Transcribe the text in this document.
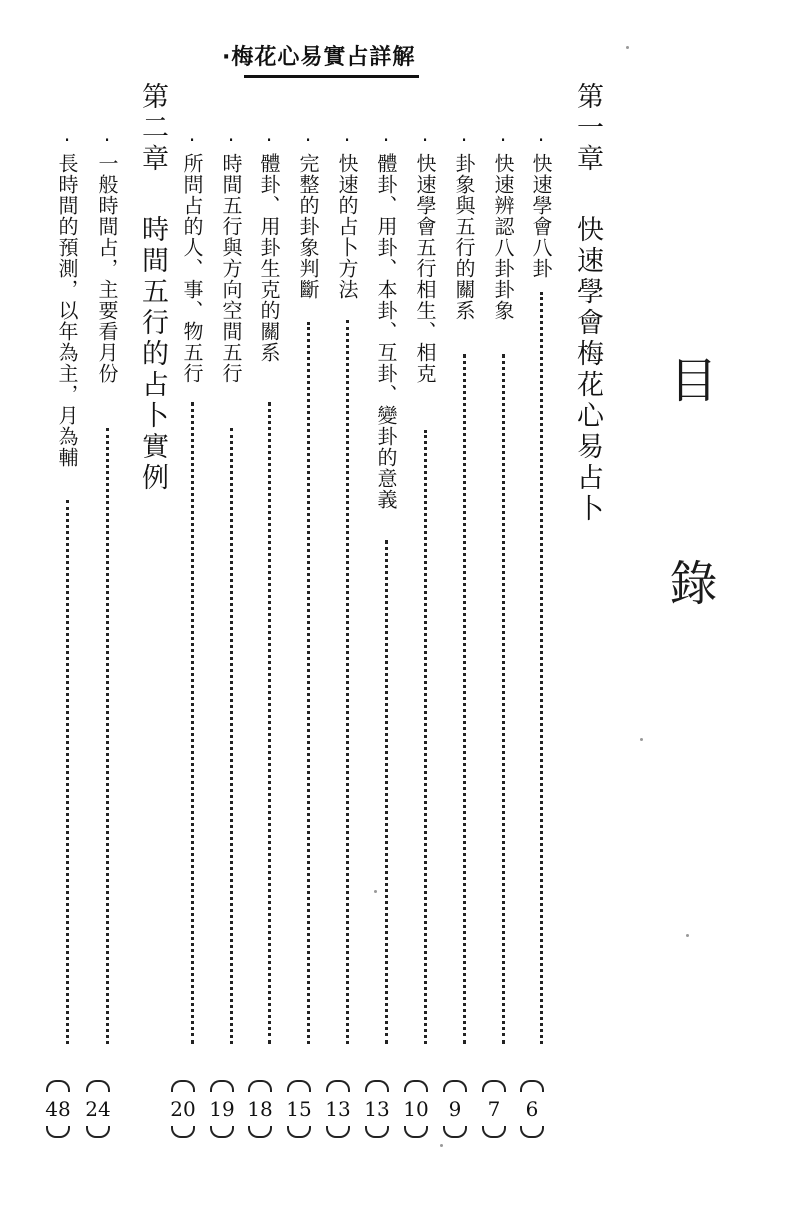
·梅花心易實占詳解
目
錄
第一章快速學會梅花心易占卜
第二章時間五行的占卜實例
·快速學會八卦
·快速辨認八卦卦象
·卦象與五行的關系
·快速學會五行相生、相克
·體卦、用卦、本卦、互卦、變卦的意義
·快速的占卜方法
·完整的卦象判斷
·體卦、用卦生克的關系
·時間五行與方向空間五行
·所問占的人、事、物五行
·一般時間占，主要看月份
·長時間的預測，以年為主，月為輔
6
7
9
10
13
13
15
18
19
20
24
48
